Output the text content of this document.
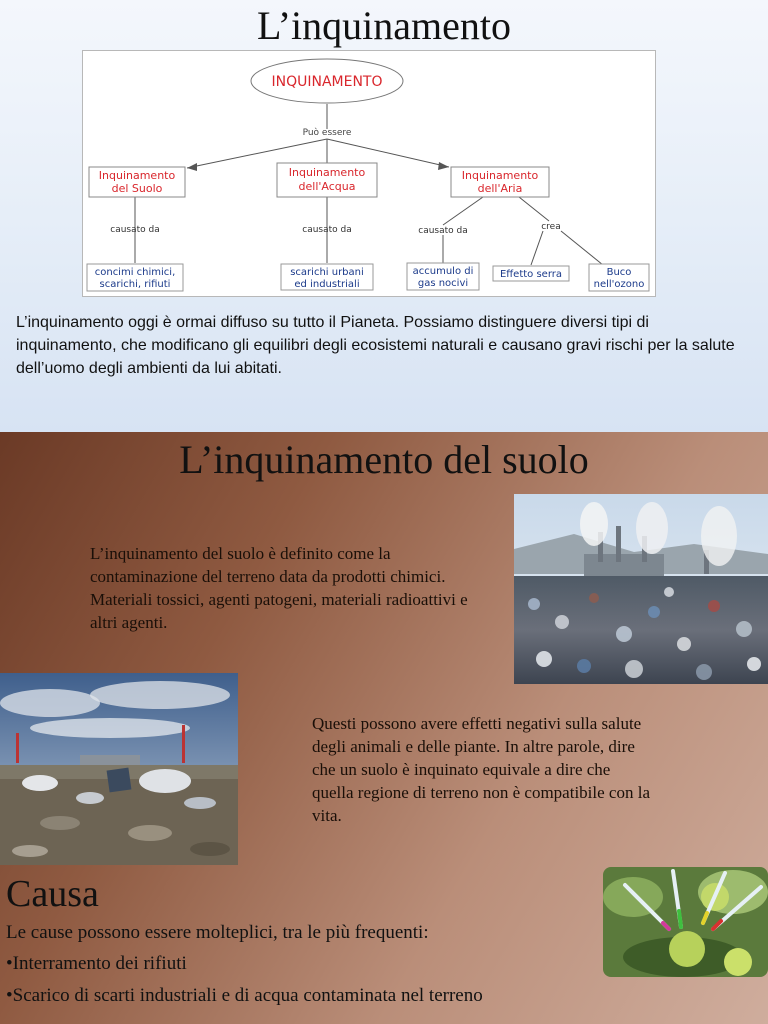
L’inquinamento
INQUINAMENTO
Può essere
Inquinamento
del Suolo
Inquinamento
dell'Acqua
Inquinamento
dell'Aria
causato da	causato da	causato da	crea
concimi chimici,
scarichi, rifiuti
scarichi urbani
ed industriali
accumulo di
gas nocivi
Effetto serra	Buco
nell'ozono
L’inquinamento oggi è ormai diffuso su tutto il Pianeta. Possiamo distinguere diversi tipi di inquinamento, che modificano gli equilibri degli ecosistemi naturali e causano gravi rischi per la salute dell’uomo degli ambienti da lui abitati.
L’inquinamento del suolo
L’inquinamento del suolo è definito come la contaminazione del terreno data da prodotti chimici. Materiali tossici, agenti patogeni, materiali radioattivi e altri agenti.
Questi possono avere effetti negativi sulla salute degli animali e delle piante. In altre parole, dire che un suolo è inquinato equivale a dire che quella regione di terreno non è compatibile con la vita.
Causa
Le cause possono essere molteplici, tra le più frequenti:
•Interramento dei rifiuti
•Scarico di scarti industriali e di acqua contaminata nel terreno
